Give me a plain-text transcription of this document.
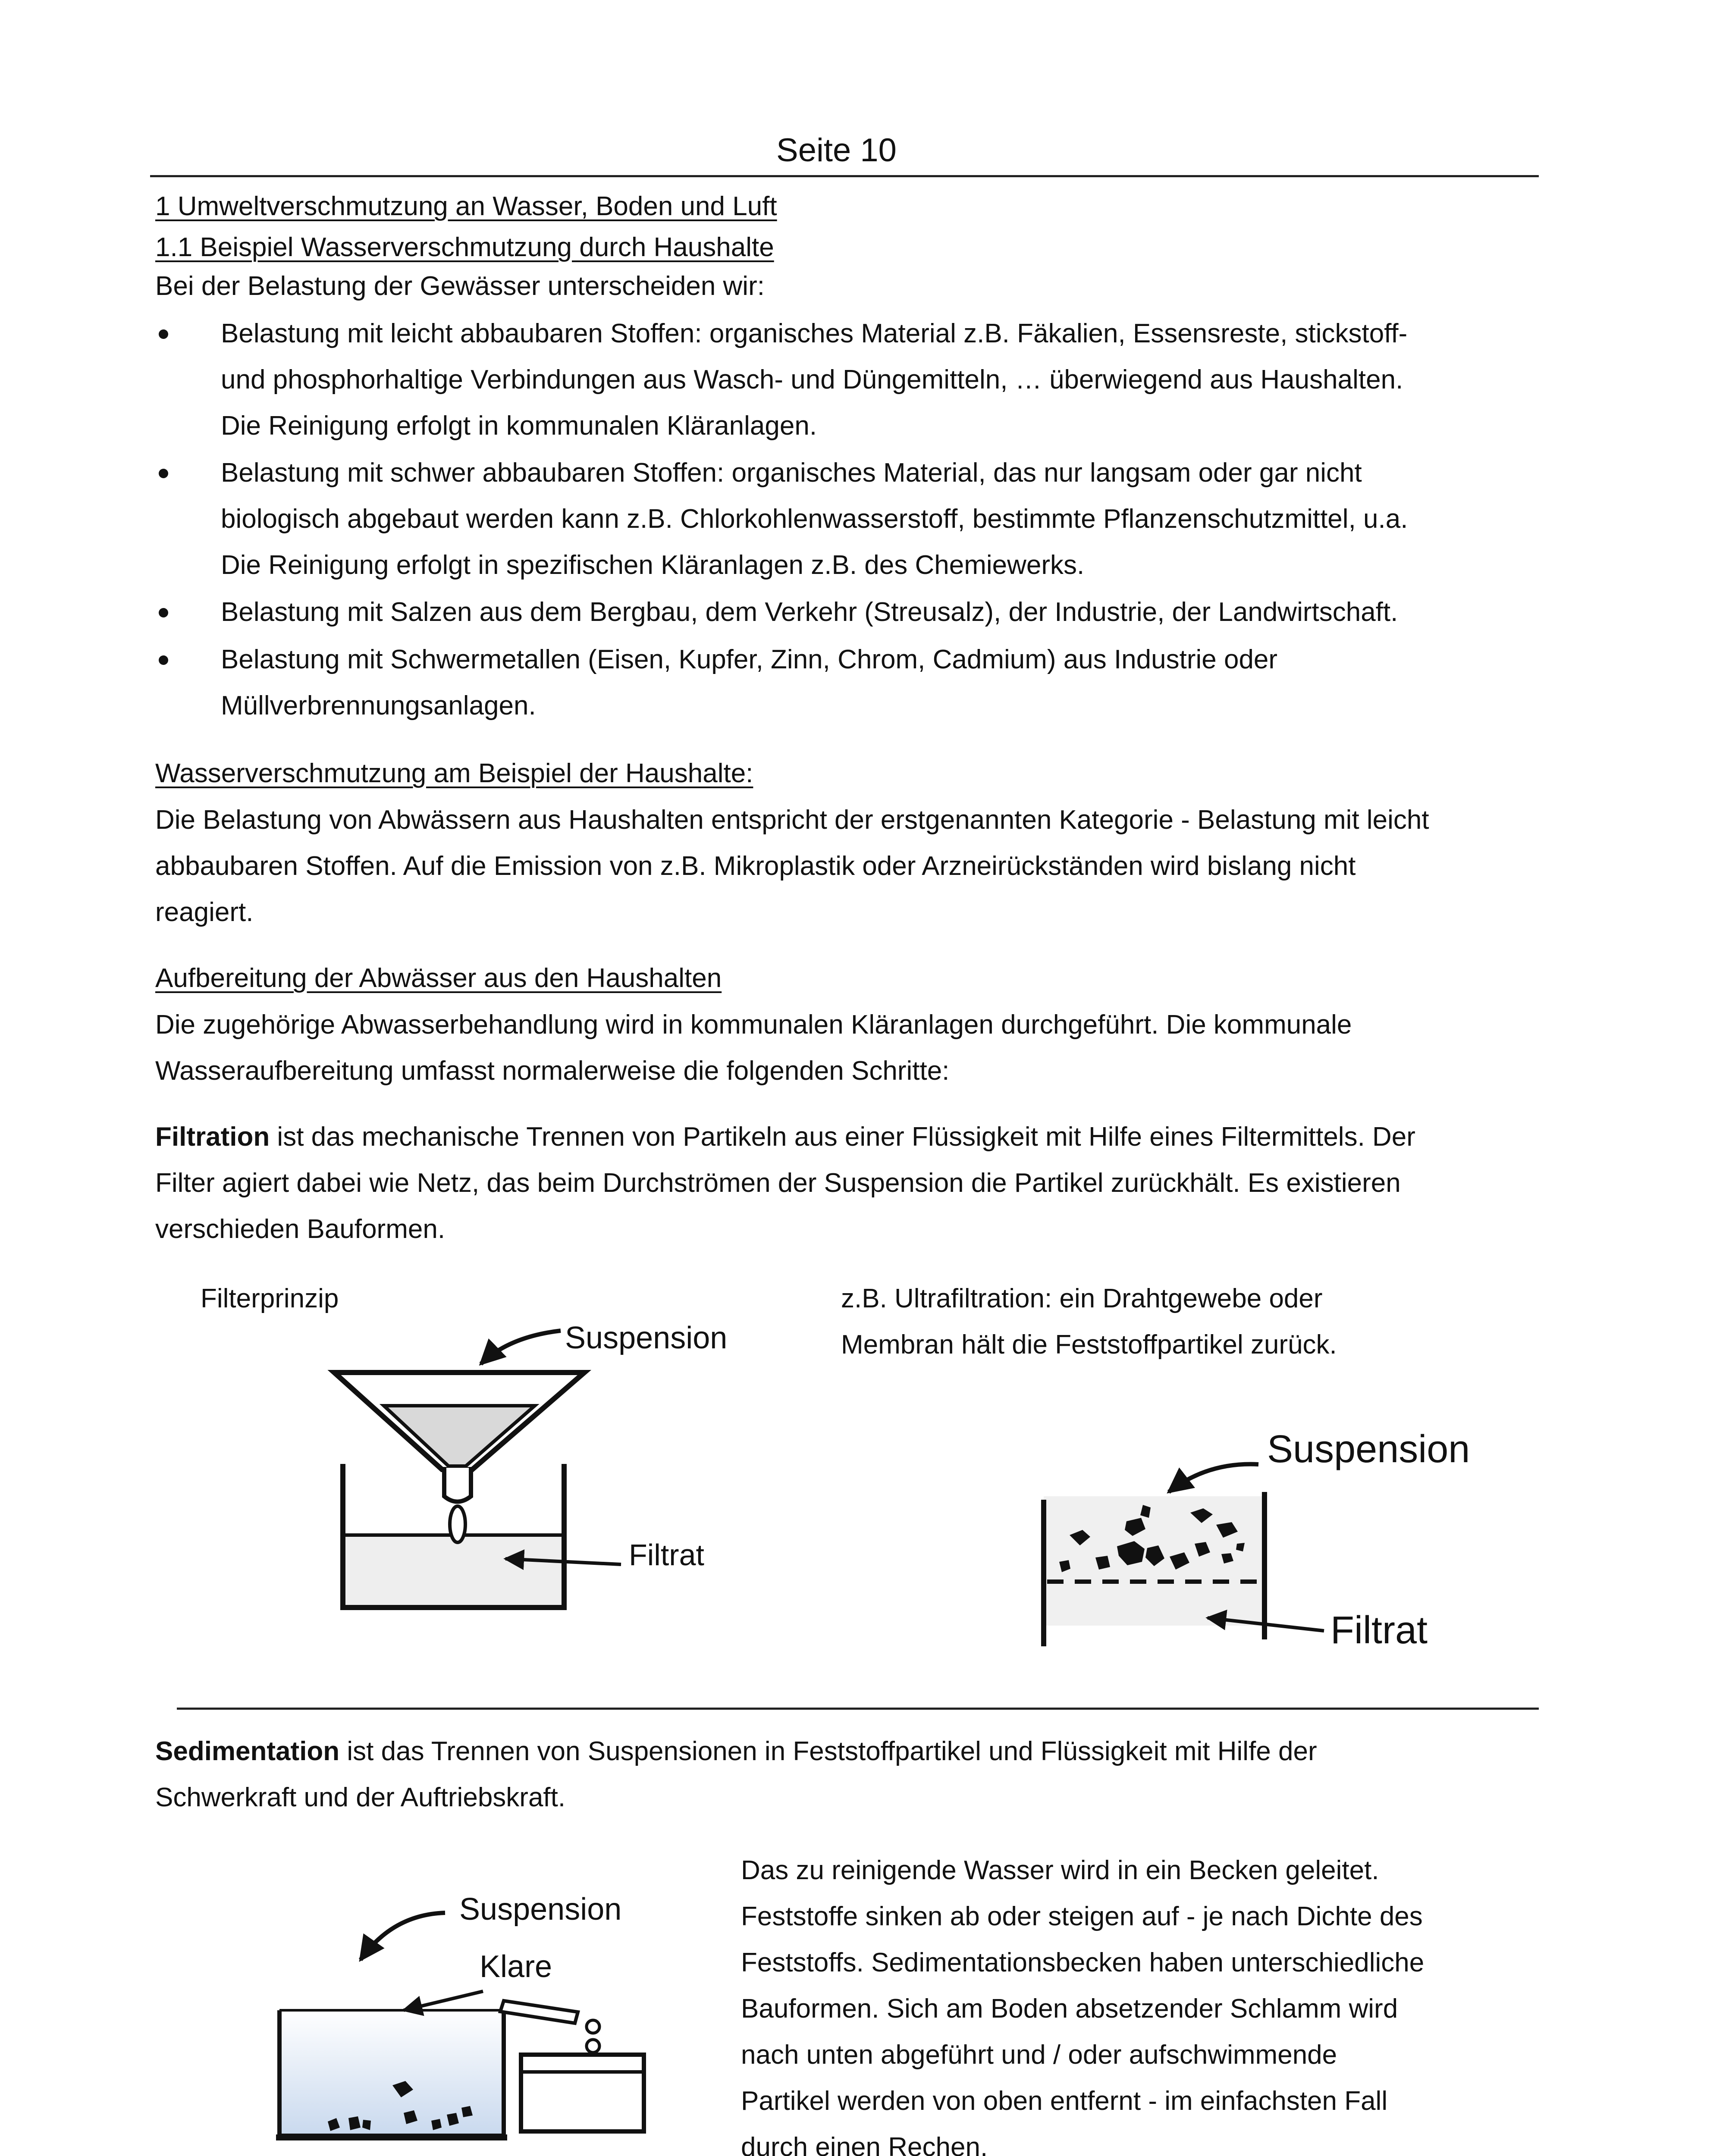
Seite 10
1 Umweltverschmutzung an Wasser, Boden und Luft
1.1 Beispiel Wasserverschmutzung durch Haushalte
Bei der Belastung der Gewässer unterscheiden wir:
Belastung mit leicht abbaubaren Stoffen: organisches Material z.B. Fäkalien, Essensreste, stickstoff-
und phosphorhaltige Verbindungen aus Wasch- und Düngemitteln, … überwiegend aus Haushalten.
Die Reinigung erfolgt in kommunalen Kläranlagen.
Belastung mit schwer abbaubaren Stoffen: organisches Material, das nur langsam oder gar nicht
biologisch abgebaut werden kann z.B. Chlorkohlenwasserstoff, bestimmte Pflanzenschutzmittel, u.a.
Die Reinigung erfolgt in spezifischen Kläranlagen z.B. des Chemiewerks.
Belastung mit Salzen aus dem Bergbau, dem Verkehr (Streusalz), der Industrie, der Landwirtschaft.
Belastung mit Schwermetallen (Eisen, Kupfer, Zinn, Chrom, Cadmium) aus Industrie oder
Müllverbrennungsanlagen.
Wasserverschmutzung am Beispiel der Haushalte:
Die Belastung von Abwässern aus Haushalten entspricht der erstgenannten Kategorie - Belastung mit leicht
abbaubaren Stoffen. Auf die Emission von z.B. Mikroplastik oder Arzneirückständen wird bislang nicht
reagiert.
Aufbereitung der Abwässer aus den Haushalten
Die zugehörige Abwasserbehandlung wird in kommunalen Kläranlagen durchgeführt. Die kommunale
Wasseraufbereitung umfasst normalerweise die folgenden Schritte:
Filtration ist das mechanische Trennen von Partikeln aus einer Flüssigkeit mit Hilfe eines Filtermittels. Der
Filter agiert dabei wie Netz, das beim Durchströmen der Suspension die Partikel zurückhält. Es existieren
verschieden Bauformen.
Filterprinzip
Suspension
Filtrat
z.B. Ultrafiltration: ein Drahtgewebe oder
Membran hält die Feststoffpartikel zurück.
Suspension
Filtrat
Sedimentation ist das Trennen von Suspensionen in Feststoffpartikel und Flüssigkeit mit Hilfe der
Schwerkraft und der Auftriebskraft.
Suspension
Klare
Das zu reinigende Wasser wird in ein Becken geleitet.
Feststoffe sinken ab oder steigen auf - je nach Dichte des
Feststoffs. Sedimentationsbecken haben unterschiedliche
Bauformen. Sich am Boden absetzender Schlamm wird
nach unten abgeführt und / oder aufschwimmende
Partikel werden von oben entfernt - im einfachsten Fall
durch einen Rechen.
